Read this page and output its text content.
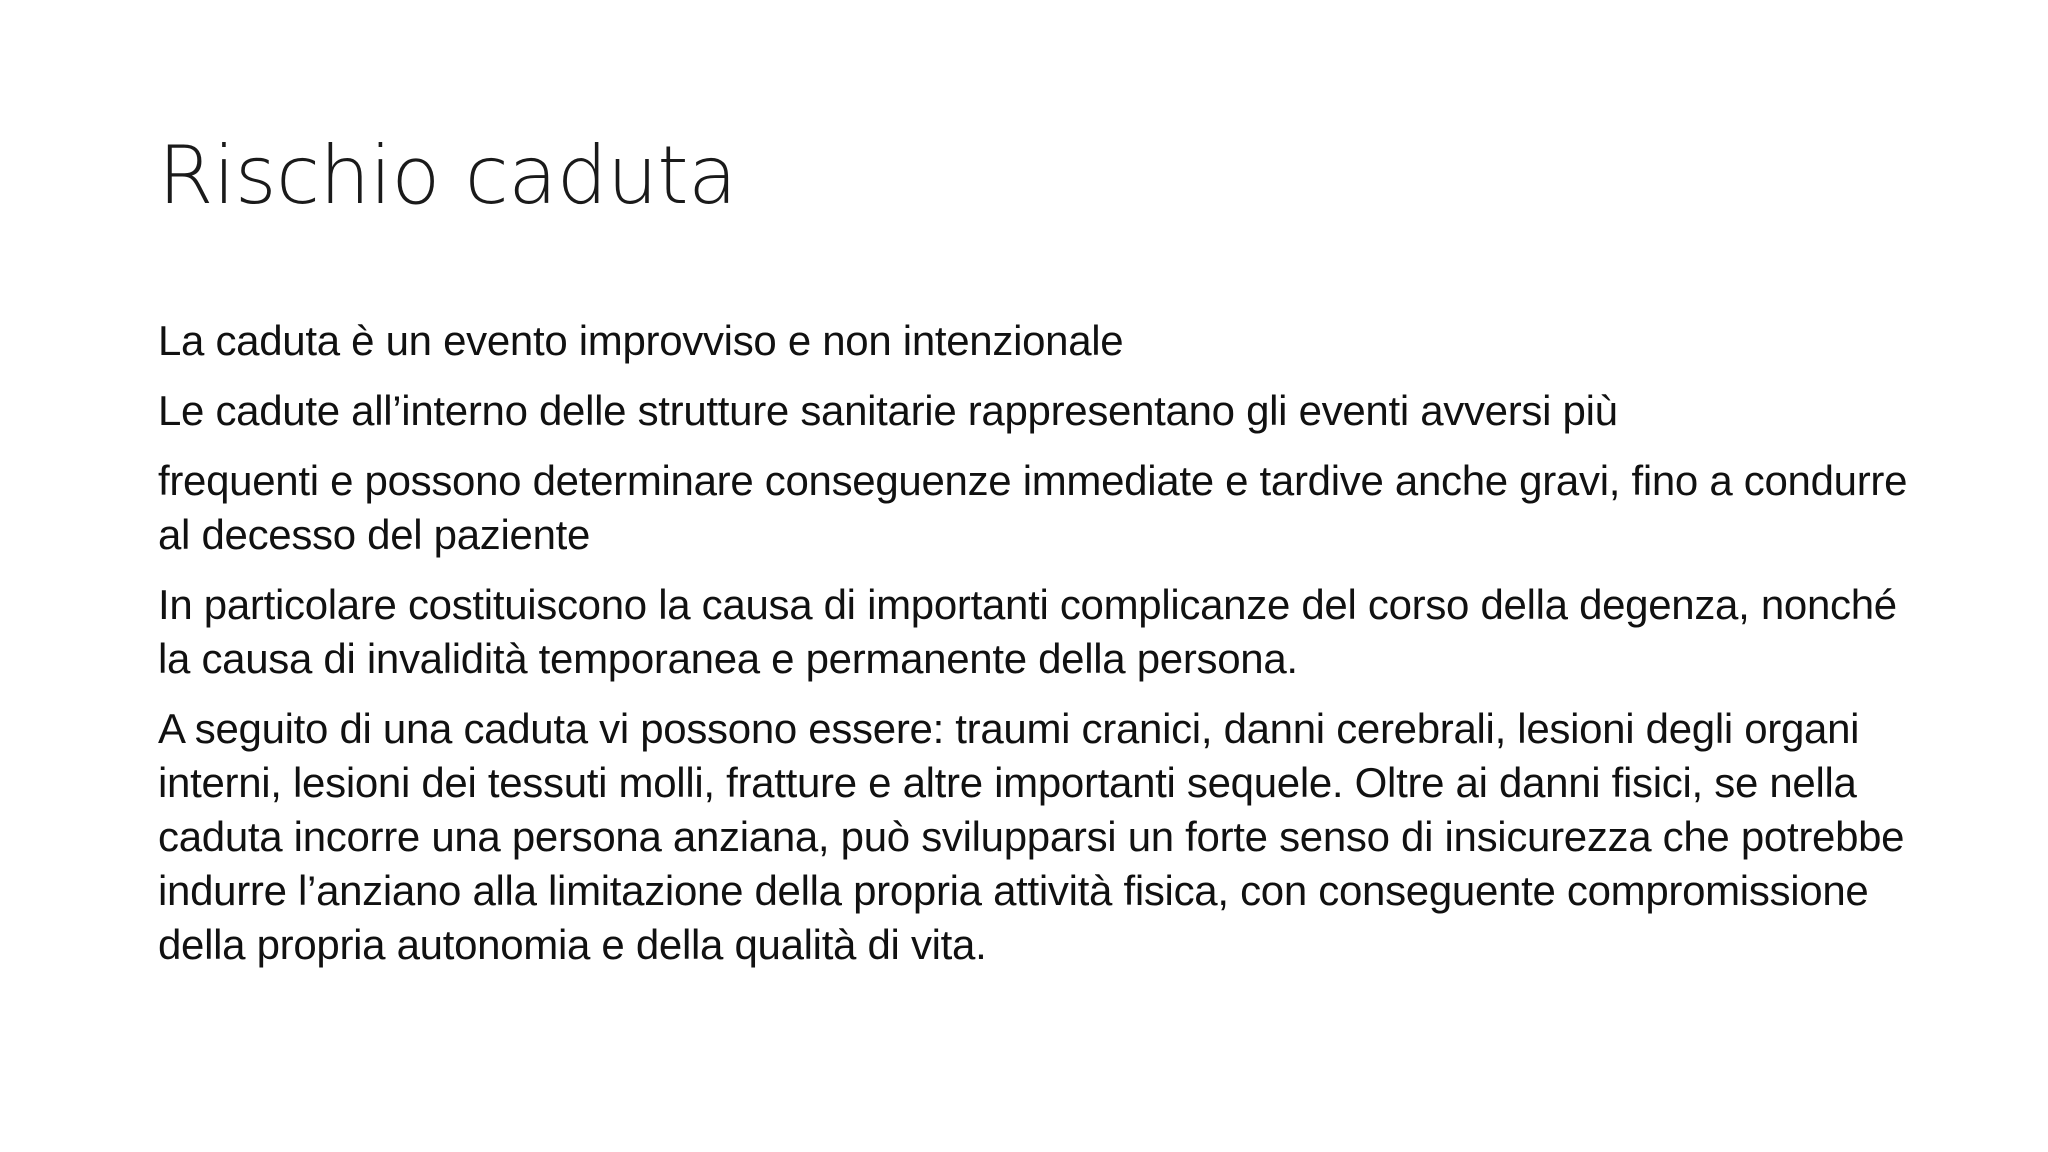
Rischio caduta

La caduta è un evento improvviso e non intenzionale

Le cadute all’interno delle strutture sanitarie rappresentano gli eventi avversi più

frequenti e possono determinare conseguenze immediate e tardive anche gravi, fino a condurre al decesso del paziente

In particolare costituiscono la causa di importanti complicanze del corso della degenza, nonché la causa di invalidità temporanea e permanente della persona.

A seguito di una caduta vi possono essere: traumi cranici, danni cerebrali, lesioni degli organi interni, lesioni dei tessuti molli, fratture e altre importanti sequele. Oltre ai danni fisici, se nella caduta incorre una persona anziana, può svilupparsi un forte senso di insicurezza che potrebbe indurre l’anziano alla limitazione della propria attività fisica, con conseguente compromissione della propria autonomia e della qualità di vita.
